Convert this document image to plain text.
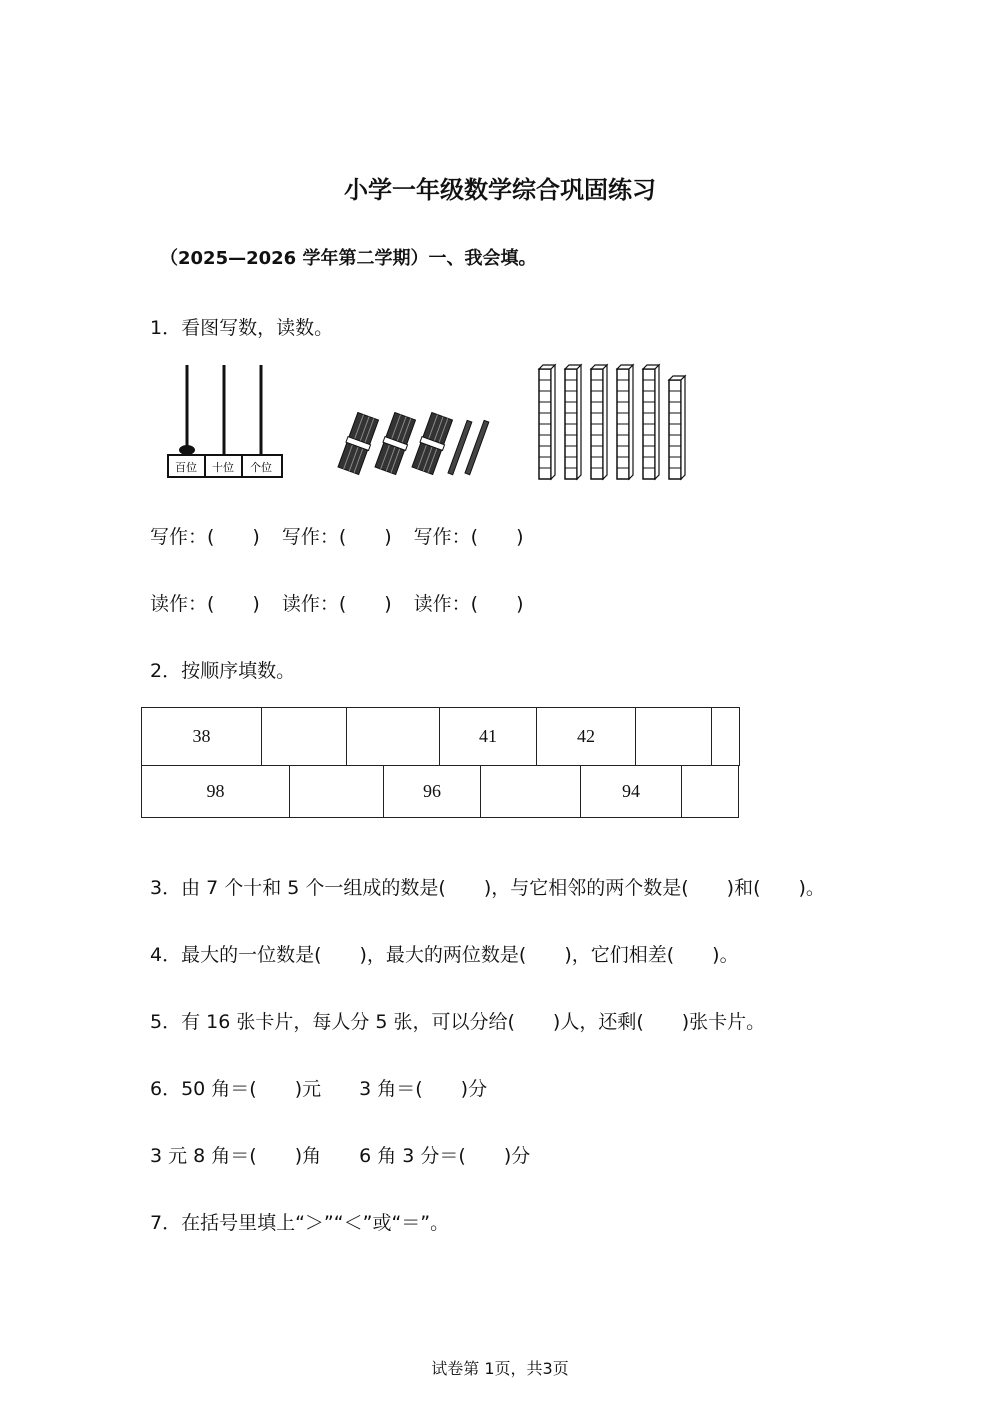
小学一年级数学综合巩固练习
（2025—2026 学年第二学期）一、我会填。
1．看图写数，读数。
百位 十位 个位
写作：(　　) 写作：(　　) 写作：(　　)
读作：(　　) 读作：(　　) 读作：(　　)
2．按顺序填数。
38			41	42		
98		96		94	
3．由 7 个十和 5 个一组成的数是(　　)，与它相邻的两个数是(　　)和(　　)。
4．最大的一位数是(　　)，最大的两位数是(　　)，它们相差(　　)。
5．有 16 张卡片，每人分 5 张，可以分给(　　)人，还剩(　　)张卡片。
6．50 角＝(　　)元　　3 角＝(　　)分
3 元 8 角＝(　　)角　　6 角 3 分＝(　　)分
7．在括号里填上“＞”“＜”或“＝”。
试卷第 1页，共3页
